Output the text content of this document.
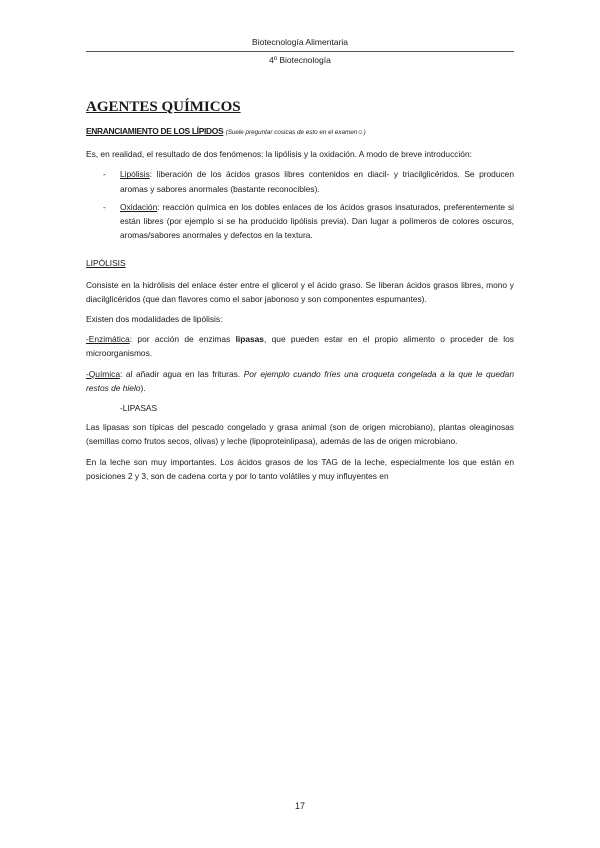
Biotecnología Alimentaria
4º Biotecnología
AGENTES QUÍMICOS
ENRANCIAMIENTO DE LOS LÍPIDOS (Suele preguntar cosicas de esto en el examen☺)

Es, en realidad, el resultado de dos fenómenos: la lipólisis y la oxidación. A modo de breve introducción:

- Lipólisis: liberación de los ácidos grasos libres contenidos en diacil- y triacilglicéridos. Se producen aromas y sabores anormales (bastante reconocibles).
- Oxidación: reacción química en los dobles enlaces de los ácidos grasos insaturados, preferentemente si están libres (por ejemplo si se ha producido lipólisis previa). Dan lugar a polímeros de colores oscuros, aromas/sabores anormales y defectos en la textura.
LIPÓLISIS

Consiste en la hidrólisis del enlace éster entre el glicerol y el ácido graso. Se liberan ácidos grasos libres, mono y diacilglicéridos (que dan flavores como el sabor jabonoso y son componentes espumantes).

Existen dos modalidades de lipólisis:

-Enzimática: por acción de enzimas lipasas, que pueden estar en el propio alimento o proceder de los microorganismos.

-Química: al añadir agua en las frituras. Por ejemplo cuando fríes una croqueta congelada a la que le quedan restos de hielo).

-LIPASAS

Las lipasas son típicas del pescado congelado y grasa animal (son de origen microbiano), plantas oleaginosas (semillas como frutos secos, olivas) y leche (lipoproteinlipasa), además de las de origen microbiano.

En la leche son muy importantes. Los ácidos grasos de los TAG de la leche, especialmente los que están en posiciones 2 y 3, son de cadena corta y por lo tanto volátiles y muy influyentes en

17
